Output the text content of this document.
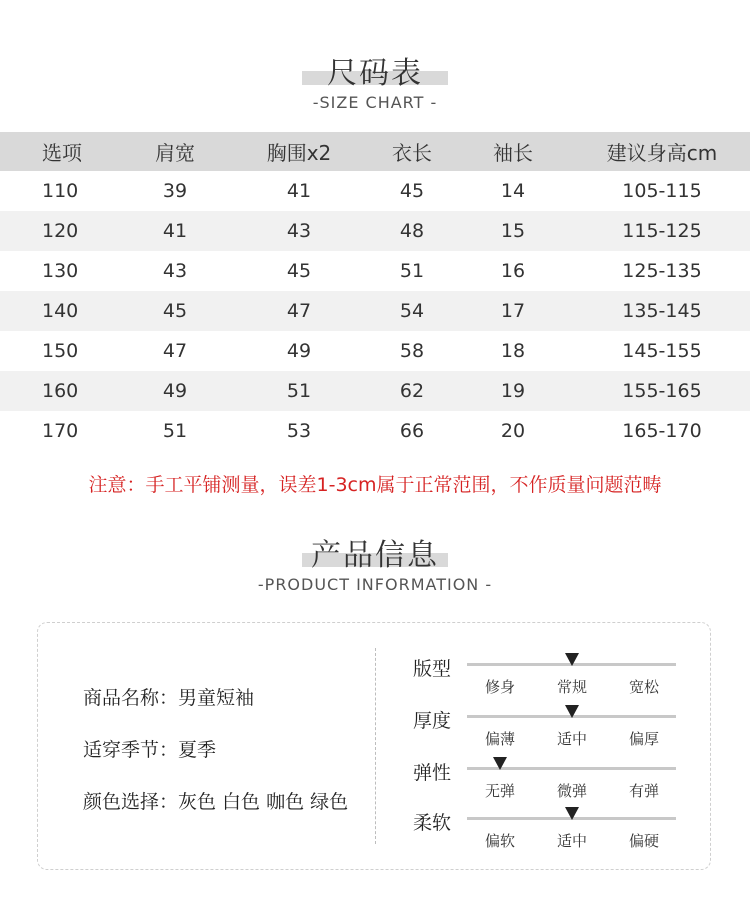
尺码表
-SIZE CHART -
选项	肩宽	胸围x2	衣长	袖长	建议身高cm
110	39	41	45	14	105-115
120	41	43	48	15	115-125
130	43	45	51	16	125-135
140	45	47	54	17	135-145
150	47	49	58	18	145-155
160	49	51	62	19	155-165
170	51	53	66	20	165-170
注意：手工平铺测量，误差1-3cm属于正常范围，不作质量问题范畴
产品信息
-PRODUCT INFORMATION -
商品名称：男童短袖
适穿季节：夏季
颜色选择：灰色 白色 咖色 绿色
版型
修身	常规	宽松
厚度
偏薄	适中	偏厚
弹性
无弹	微弹	有弹
柔软
偏软	适中	偏硬
